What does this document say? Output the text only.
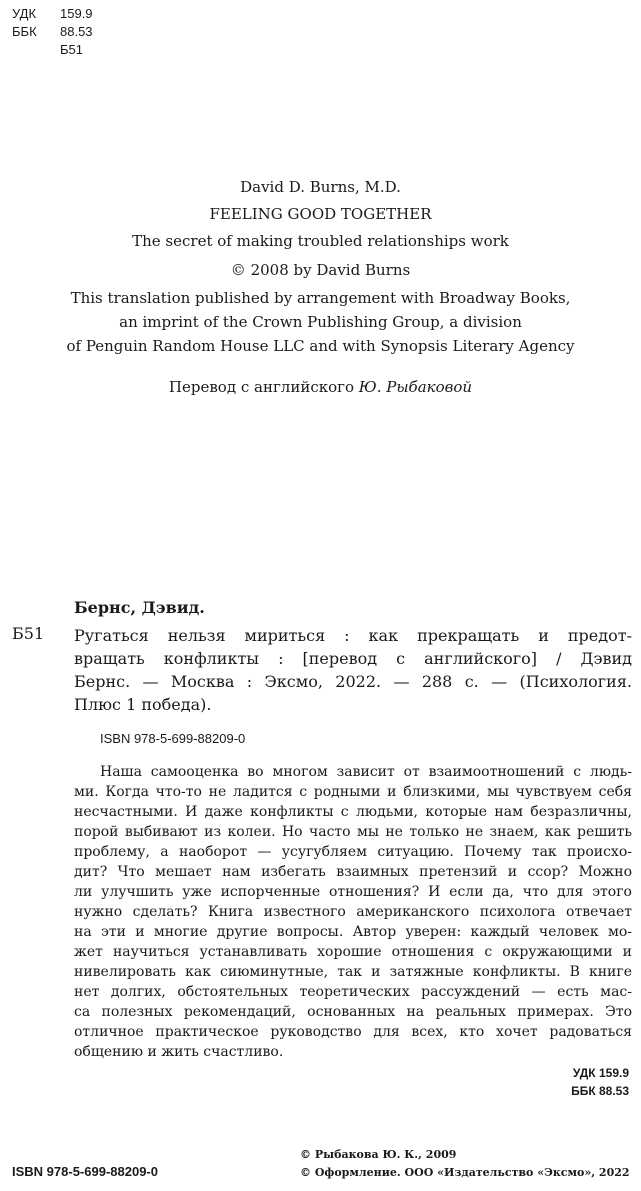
УДК 159.9
ББК 88.53
Б51
David D. Burns, M.D.
FEELING GOOD TOGETHER
The secret of making troubled relationships work
© 2008 by David Burns
This translation published by arrangement with Broadway Books,
an imprint of the Crown Publishing Group, a division
of Penguin Random House LLC and with Synopsis Literary Agency
Перевод с английского Ю. Рыбаковой
Бернс, Дэвид.
Б51 Ругаться нельзя мириться : как прекращать и предот-
вращать конфликты : [перевод с английского] / Дэвид
Бернс. — Москва : Эксмо, 2022. — 288 с. — (Психология.
Плюс 1 победа).
ISBN 978-5-699-88209-0
Наша самооценка во многом зависит от взаимоотношений с людь-
ми. Когда что-то не ладится с родными и близкими, мы чувствуем себя
несчастными. И даже конфликты с людьми, которые нам безразличны,
порой выбивают из колеи. Но часто мы не только не знаем, как решить
проблему, а наоборот — усугубляем ситуацию. Почему так происхо-
дит? Что мешает нам избегать взаимных претензий и ссор? Можно
ли улучшить уже испорченные отношения? И если да, что для этого
нужно сделать? Книга известного американского психолога отвечает
на эти и многие другие вопросы. Автор уверен: каждый человек мо-
жет научиться устанавливать хорошие отношения с окружающими и
нивелировать как сиюминутные, так и затяжные конфликты. В книге
нет долгих, обстоятельных теоретических рассуждений — есть мас-
са полезных рекомендаций, основанных на реальных примерах. Это
отличное практическое руководство для всех, кто хочет радоваться
общению и жить счастливо.
УДК 159.9
ББК 88.53
© Рыбакова Ю. К., 2009
ISBN 978-5-699-88209-0	© Оформление. ООО «Издательство «Эксмо», 2022
